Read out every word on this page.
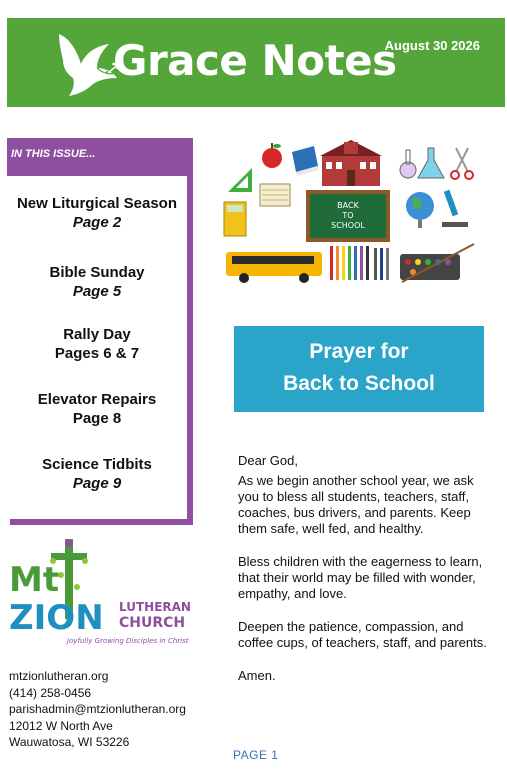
Grace Notes
August 30 2026
IN THIS ISSUE...
New Liturgical Season
Page 2
Bible Sunday
Page 5
Rally Day
Pages 6 & 7
Elevator Repairs
Page 8
Science Tidbits
Page 9
BACK
TO
SCHOOL
Prayer for
Back to School

Dear God,

As we begin another school year, we ask you to bless all students, teachers, staff, coaches, bus drivers, and parents. Keep them safe, well fed, and healthy.

Bless children with the eagerness to learn, that their world may be filled with wonder, empathy, and love.

Deepen the patience, compassion, and coffee cups, of teachers, staff, and parents.

Amen.

Mt
ZION LUTHERAN
CHURCH
Joyfully Growing Disciples in Christ
mtzionlutheran.org
(414) 258-0456
parishadmin@mtzionlutheran.org
12012 W North Ave
Wauwatosa, WI 53226
PAGE 1
